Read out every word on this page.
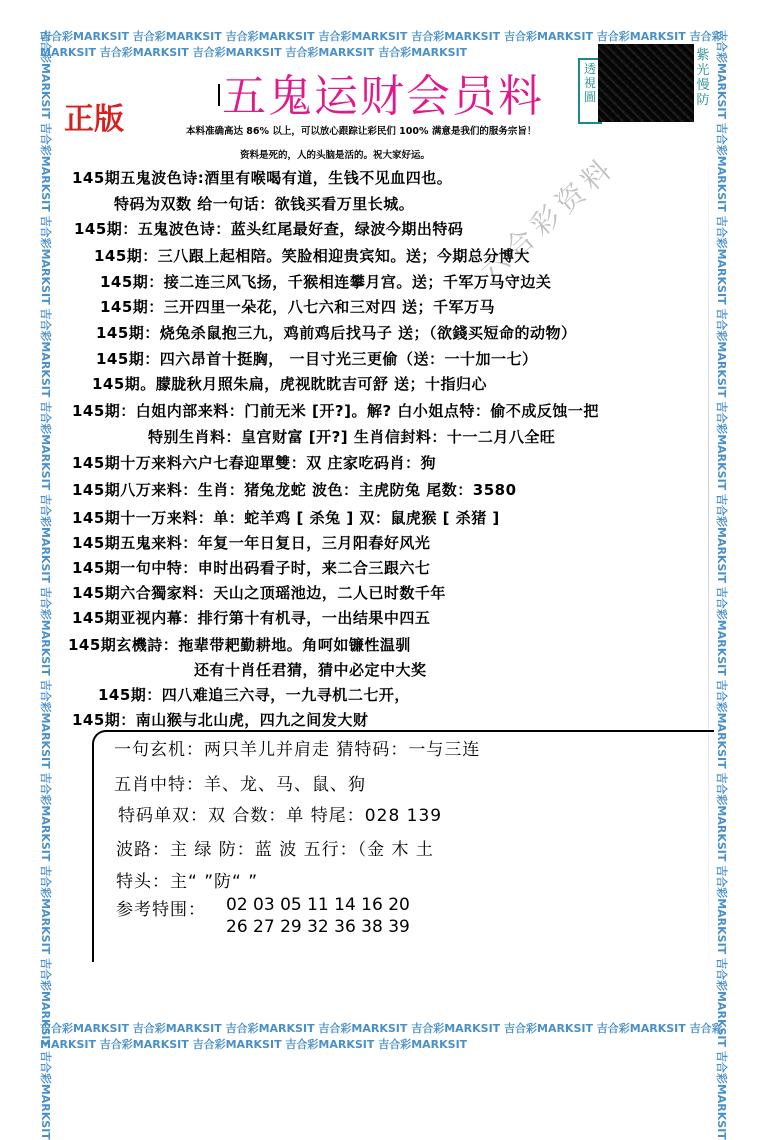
吉合彩MARKSIT 吉合彩MARKSIT 吉合彩MARKSIT 吉合彩MARKSIT 吉合彩MARKSIT 吉合彩MARKSIT 吉合彩MARKSIT 吉合彩MARKSIT 吉合彩MARKSIT 吉合彩MARKSIT 吉合彩MARKSIT 吉合彩MARKSIT
吉合彩MARKSIT 吉合彩MARKSIT 吉合彩MARKSIT 吉合彩MARKSIT 吉合彩MARKSIT 吉合彩MARKSIT 吉合彩MARKSIT 吉合彩MARKSIT 吉合彩MARKSIT 吉合彩MARKSIT 吉合彩MARKSIT 吉合彩MARKSIT
吉合彩MARKSIT 吉合彩MARKSIT 吉合彩MARKSIT 吉合彩MARKSIT 吉合彩MARKSIT 吉合彩MARKSIT 吉合彩MARKSIT 吉合彩MARKSIT 吉合彩MARKSIT 吉合彩MARKSIT 吉合彩MARKSIT 吉合彩MARKSIT	吉合彩MARKSIT 吉合彩MARKSIT 吉合彩MARKSIT 吉合彩MARKSIT 吉合彩MARKSIT 吉合彩MARKSIT 吉合彩MARKSIT 吉合彩MARKSIT 吉合彩MARKSIT 吉合彩MARKSIT 吉合彩MARKSIT 吉合彩MARKSIT
五鬼运财会员料
正版
透視圖
紫光慢防
本料准确高达 86% 以上，可以放心跟踪让彩民们 100% 满意是我们的服务宗旨！
资料是死的，人的头脑是活的。祝大家好运。 六合彩资料
145期五鬼波色诗:酒里有喉喝有道，生钱不见血四也。
特码为双数 给一句话：欲钱买看万里长城。
145期：五鬼波色诗：蓝头红尾最好查，绿波今期出特码
145期：三八跟上起相陪。笑脸相迎贵宾知。送；今期总分博大
145期：接二连三风飞扬，千猴相连攀月宫。送；千军万马守边关
145期：三开四里一朵花，八七六和三对四 送；千军万马
145期：烧兔杀鼠抱三九，鸡前鸡后找马子 送；（欲錢买短命的动物）
145期：四六昂首十挺胸， 一目寸光三更偷（送：一十加一七）
145期。朦胧秋月照朱扁，虎视眈眈吉可舒 送；十指归心
145期：白姐内部来料：门前无米 [开?]。解? 白小姐点特：偷不成反蚀一把
特别生肖料：皇宫财富 [开?] 生肖信封料：十一二月八全旺
145期十万来料六户七春迎單雙：双 庄家吃码肖：狗
145期八万来料：生肖：猪兔龙蛇 波色：主虎防兔 尾数：3580
145期十一万来料：单：蛇羊鸡 [ 杀兔 ] 双：鼠虎猴 [ 杀猪 ]
145期五鬼来料：年复一年日复日，三月阳春好风光
145期一句中特：申时出码看子时，来二合三跟六七
145期六合獨家料：天山之顶瑶池边，二人已时数千年
145期亚视内幕：排行第十有机寻，一出结果中四五
145期玄機詩：拖辈带耙勤耕地。角呵如镰性温驯
还有十肖任君猜，猜中必定中大奖
145期：四八难追三六寻，一九寻机二七开，
145期：南山猴与北山虎，四九之间发大财
一句玄机：两只羊儿并肩走 猜特码：一与三连
五肖中特：羊、龙、马、鼠、狗
特码单双：双 合数：单 特尾：028 139
波路：主 绿 防：蓝 波 五行：（金 木 土
特头：主“ ”防“ ”
参考特围： 02 03 05 11 14 16 20
26 27 29 32 36 38 39
